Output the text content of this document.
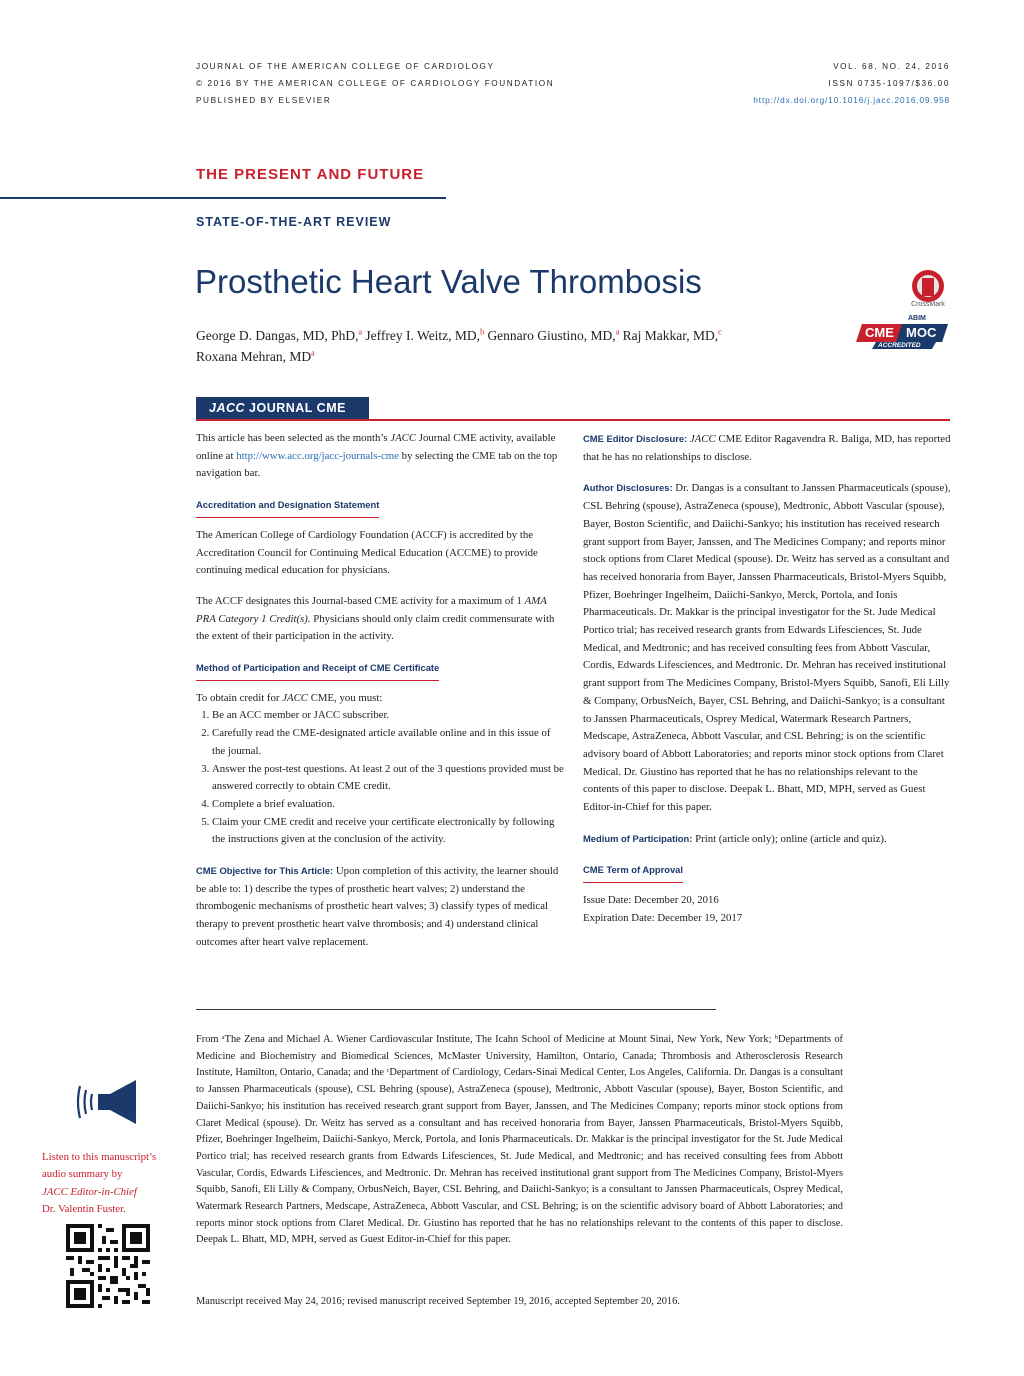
JOURNAL OF THE AMERICAN COLLEGE OF CARDIOLOGY
© 2016 BY THE AMERICAN COLLEGE OF CARDIOLOGY FOUNDATION
PUBLISHED BY ELSEVIER
VOL. 68, NO. 24, 2016
ISSN 0735-1097/$36.00
http://dx.doi.org/10.1016/j.jacc.2016.09.958
THE PRESENT AND FUTURE
STATE-OF-THE-ART REVIEW
Prosthetic Heart Valve Thrombosis
CrossMark
ABIM
CME MOC
ACCREDITED
George D. Dangas, MD, PhD,$^a$ Jeffrey I. Weitz, MD,$^b$ Gennaro Giustino, MD,$^a$ Raj Makkar, MD,$^c$
Roxana Mehran, $MD^a$
JACC JOURNAL CME

This article has been selected as the month’s JACC Journal CME activity, available online at http://www.acc.org/jacc-journals-cme by selecting the CME tab on the top navigation bar.

Accreditation and Designation Statement

The American College of Cardiology Foundation (ACCF) is accredited by the Accreditation Council for Continuing Medical Education (ACCME) to provide continuing medical education for physicians.

The ACCF designates this Journal-based CME activity for a maximum of 1 AMA PRA Category 1 Credit(s). Physicians should only claim credit commensurate with the extent of their participation in the activity.

Method of Participation and Receipt of CME Certificate
To obtain credit for JACC CME, you must:
1. Be an ACC member or JACC subscriber.
2. Carefully read the CME-designated article available online and in this issue of the journal.
3. Answer the post-test questions. At least 2 out of the 3 questions provided must be answered correctly to obtain CME credit.
4. Complete a brief evaluation.
5. Claim your CME credit and receive your certificate electronically by following the instructions given at the conclusion of the activity.

CME Objective for This Article: Upon completion of this activity, the learner should be able to: 1) describe the types of prosthetic heart valves; 2) understand the thrombogenic mechanisms of prosthetic heart valves; 3) classify types of medical therapy to prevent prosthetic heart valve thrombosis; and 4) understand clinical outcomes after heart valve replacement.

CME Editor Disclosure: JACC CME Editor Ragavendra R. Baliga, MD, has reported that he has no relationships to disclose.

Author Disclosures: Dr. Dangas is a consultant to Janssen Pharmaceuticals (spouse), CSL Behring (spouse), AstraZeneca (spouse), Medtronic, Abbott Vascular (spouse), Bayer, Boston Scientific, and Daiichi-Sankyo; his institution has received research grant support from Bayer, Janssen, and The Medicines Company; and reports minor stock options from Claret Medical (spouse). Dr. Weitz has served as a consultant and has received honoraria from Bayer, Janssen Pharmaceuticals, Bristol-Myers Squibb, Pfizer, Boehringer Ingelheim, Daiichi-Sankyo, Merck, Portola, and Ionis Pharmaceuticals. Dr. Makkar is the principal investigator for the St. Jude Medical Portico trial; has received research grants from Edwards Lifesciences, St. Jude Medical, and Medtronic; and has received consulting fees from Abbott Vascular, Cordis, Edwards Lifesciences, and Medtronic. Dr. Mehran has received institutional grant support from The Medicines Company, Bristol-Myers Squibb, Sanofi, Eli Lilly & Company, OrbusNeich, Bayer, CSL Behring, and Daiichi-Sankyo; is a consultant to Janssen Pharmaceuticals, Osprey Medical, Watermark Research Partners, Medscape, AstraZeneca, Abbott Vascular, and CSL Behring; is on the scientific advisory board of Abbott Laboratories; and reports minor stock options from Claret Medical. Dr. Giustino has reported that he has no relationships relevant to the contents of this paper to disclose. Deepak L. Bhatt, MD, MPH, served as Guest Editor-in-Chief for this paper.

Medium of Participation: Print (article only); online (article and quiz).

CME Term of Approval
Issue Date: December 20, 2016
Expiration Date: December 19, 2017
From ᵃThe Zena and Michael A. Wiener Cardiovascular Institute, The Icahn School of Medicine at Mount Sinai, New York, New York; ᵇDepartments of Medicine and Biochemistry and Biomedical Sciences, McMaster University, Hamilton, Ontario, Canada; Thrombosis and Atherosclerosis Research Institute, Hamilton, Ontario, Canada; and the ᶜDepartment of Cardiology, Cedars-Sinai Medical Center, Los Angeles, California. Dr. Dangas is a consultant to Janssen Pharmaceuticals (spouse), CSL Behring (spouse), AstraZeneca (spouse), Medtronic, Abbott Vascular (spouse), Bayer, Boston Scientific, and Daiichi-Sankyo; his institution has received research grant support from Bayer, Janssen, and The Medicines Company; reports minor stock options from Claret Medical (spouse). Dr. Weitz has served as a consultant and has received honoraria from Bayer, Janssen Pharmaceuticals, Bristol-Myers Squibb, Pfizer, Boehringer Ingelheim, Daiichi-Sankyo, Merck, Portola, and Ionis Pharmaceuticals. Dr. Makkar is the principal investigator for the St. Jude Medical Portico trial; has received research grants from Edwards Lifesciences, St. Jude Medical, and Medtronic; and has received consulting fees from Abbott Vascular, Cordis, Edwards Lifesciences, and Medtronic. Dr. Mehran has received institutional grant support from The Medicines Company, Bristol-Myers Squibb, Sanofi, Eli Lilly & Company, OrbusNeich, Bayer, CSL Behring, and Daiichi-Sankyo; is a consultant to Janssen Pharmaceuticals, Osprey Medical, Watermark Research Partners, Medscape, AstraZeneca, Abbott Vascular, and CSL Behring; is on the scientific advisory board of Abbott Laboratories; and reports minor stock options from Claret Medical. Dr. Giustino has reported that he has no relationships relevant to the contents of this paper to disclose. Deepak L. Bhatt, MD, MPH, served as Guest Editor-in-Chief for this paper.
Manuscript received May 24, 2016; revised manuscript received September 19, 2016, accepted September 20, 2016.
Listen to this manuscript’s
audio summary by
JACC Editor-in-Chief
Dr. Valentin Fuster.
